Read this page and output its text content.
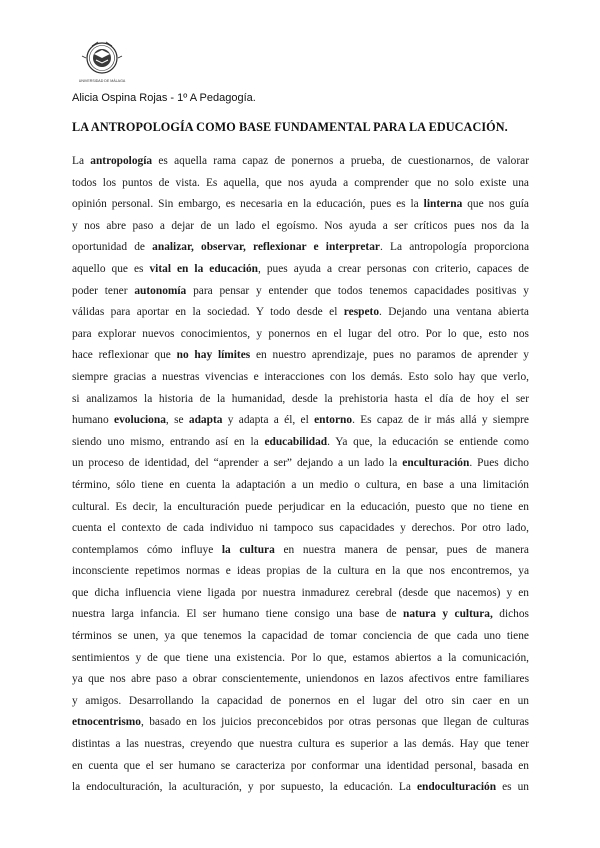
UNIVERSIDAD DE MÁLAGA
Alicia Ospina Rojas - 1º A Pedagogía.
LA ANTROPOLOGÍA COMO BASE FUNDAMENTAL PARA LA EDUCACIÓN.
La antropología es aquella rama capaz de ponernos a prueba, de cuestionarnos, de valorar
todos los puntos de vista. Es aquella, que nos ayuda a comprender que no solo existe una
opinión personal. Sin embargo, es necesaria en la educación, pues es la linterna que nos guía
y nos abre paso a dejar de un lado el egoísmo. Nos ayuda a ser críticos pues nos da la
oportunidad de analizar, observar, reflexionar e interpretar. La antropología proporciona
aquello que es vital en la educación, pues ayuda a crear personas con criterio, capaces de
poder tener autonomía para pensar y entender que todos tenemos capacidades positivas y
válidas para aportar en la sociedad. Y todo desde el respeto. Dejando una ventana abierta
para explorar nuevos conocimientos, y ponernos en el lugar del otro. Por lo que, esto nos
hace reflexionar que no hay límites en nuestro aprendizaje, pues no paramos de aprender y
siempre gracias a nuestras vivencias e interacciones con los demás. Esto solo hay que verlo,
si analizamos la historia de la humanidad, desde la prehistoria hasta el día de hoy el ser
humano evoluciona, se adapta y adapta a él, el entorno. Es capaz de ir más allá y siempre
siendo uno mismo, entrando así en la educabilidad. Ya que, la educación se entiende como
un proceso de identidad, del “aprender a ser” dejando a un lado la enculturación. Pues dicho
término, sólo tiene en cuenta la adaptación a un medio o cultura, en base a una limitación
cultural. Es decir, la enculturación puede perjudicar en la educación, puesto que no tiene en
cuenta el contexto de cada individuo ni tampoco sus capacidades y derechos. Por otro lado,
contemplamos cómo influye la cultura en nuestra manera de pensar, pues de manera
inconsciente repetimos normas e ideas propias de la cultura en la que nos encontremos, ya
que dicha influencia viene ligada por nuestra inmadurez cerebral (desde que nacemos) y en
nuestra larga infancia. El ser humano tiene consigo una base de natura y cultura, dichos
términos se unen, ya que tenemos la capacidad de tomar conciencia de que cada uno tiene
sentimientos y de que tiene una existencia. Por lo que, estamos abiertos a la comunicación,
ya que nos abre paso a obrar conscientemente, uniendonos en lazos afectivos entre familiares
y amigos. Desarrollando la capacidad de ponernos en el lugar del otro sin caer en un
etnocentrismo, basado en los juicios preconcebidos por otras personas que llegan de culturas
distintas a las nuestras, creyendo que nuestra cultura es superior a las demás. Hay que tener
en cuenta que el ser humano se caracteriza por conformar una identidad personal, basada en
la endoculturación, la aculturación, y por supuesto, la educación. La endoculturación es un
